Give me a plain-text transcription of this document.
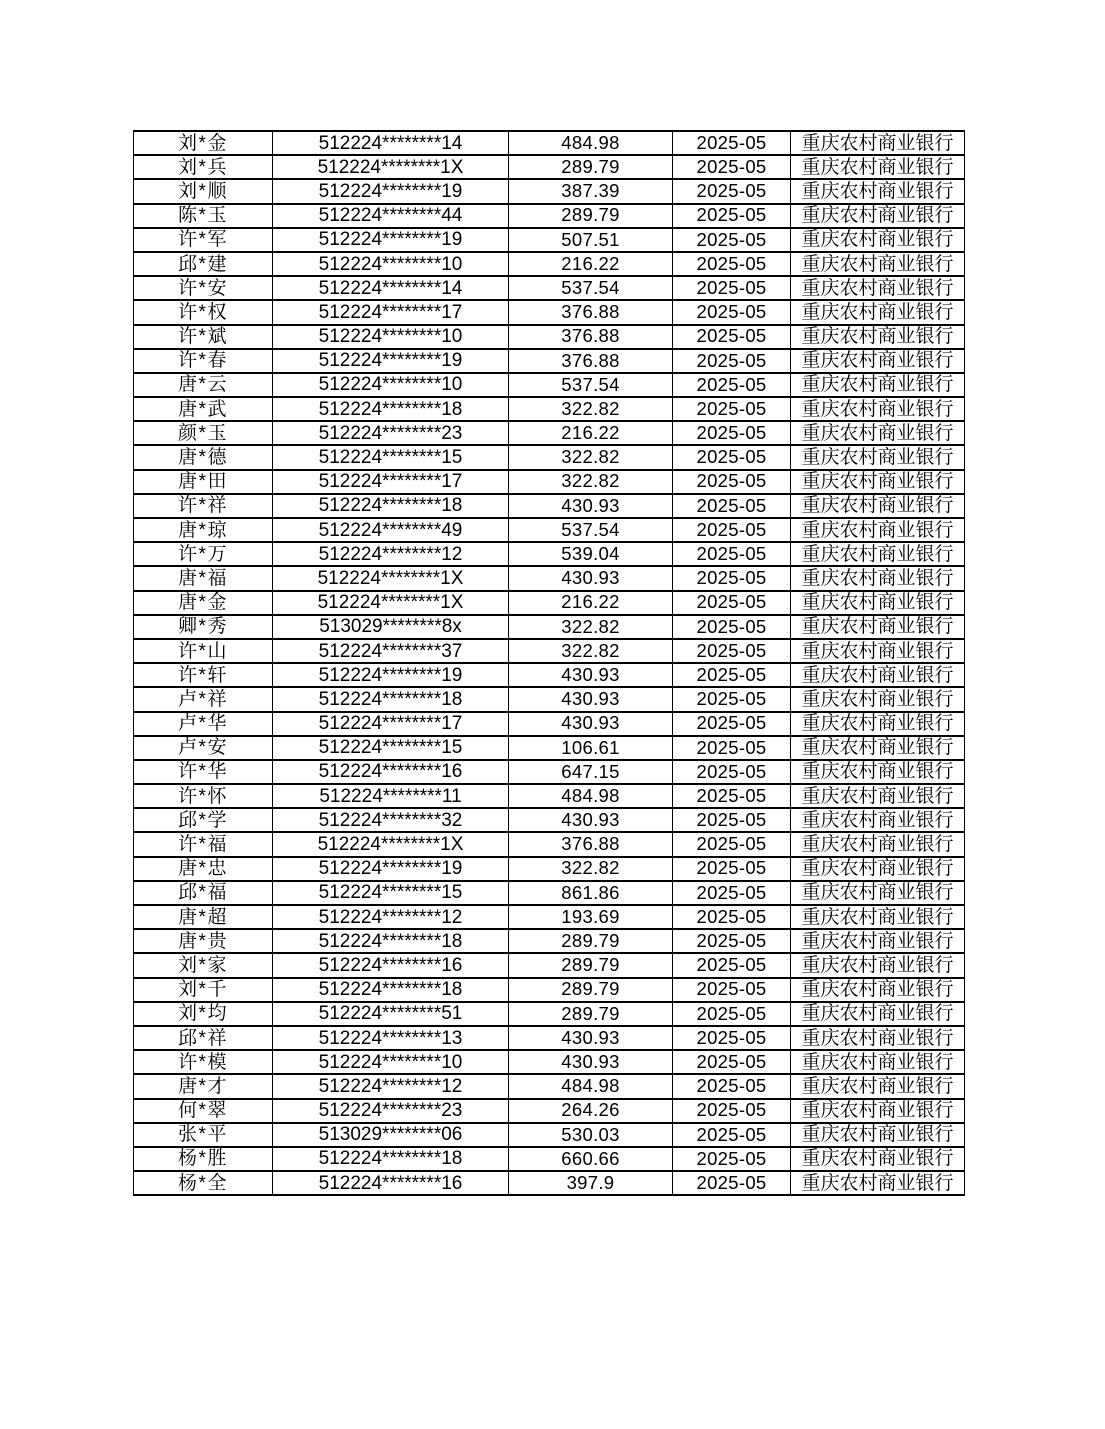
刘*金	512224********14	484.98	2025-05	重庆农村商业银行
刘*兵	512224********1X	289.79	2025-05	重庆农村商业银行
刘*顺	512224********19	387.39	2025-05	重庆农村商业银行
陈*玉	512224********44	289.79	2025-05	重庆农村商业银行
许*军	512224********19	507.51	2025-05	重庆农村商业银行
邱*建	512224********10	216.22	2025-05	重庆农村商业银行
许*安	512224********14	537.54	2025-05	重庆农村商业银行
许*权	512224********17	376.88	2025-05	重庆农村商业银行
许*斌	512224********10	376.88	2025-05	重庆农村商业银行
许*春	512224********19	376.88	2025-05	重庆农村商业银行
唐*云	512224********10	537.54	2025-05	重庆农村商业银行
唐*武	512224********18	322.82	2025-05	重庆农村商业银行
颜*玉	512224********23	216.22	2025-05	重庆农村商业银行
唐*德	512224********15	322.82	2025-05	重庆农村商业银行
唐*田	512224********17	322.82	2025-05	重庆农村商业银行
许*祥	512224********18	430.93	2025-05	重庆农村商业银行
唐*琼	512224********49	537.54	2025-05	重庆农村商业银行
许*万	512224********12	539.04	2025-05	重庆农村商业银行
唐*福	512224********1X	430.93	2025-05	重庆农村商业银行
唐*金	512224********1X	216.22	2025-05	重庆农村商业银行
卿*秀	513029********8x	322.82	2025-05	重庆农村商业银行
许*山	512224********37	322.82	2025-05	重庆农村商业银行
许*轩	512224********19	430.93	2025-05	重庆农村商业银行
卢*祥	512224********18	430.93	2025-05	重庆农村商业银行
卢*华	512224********17	430.93	2025-05	重庆农村商业银行
卢*安	512224********15	106.61	2025-05	重庆农村商业银行
许*华	512224********16	647.15	2025-05	重庆农村商业银行
许*怀	512224********11	484.98	2025-05	重庆农村商业银行
邱*学	512224********32	430.93	2025-05	重庆农村商业银行
许*福	512224********1X	376.88	2025-05	重庆农村商业银行
唐*忠	512224********19	322.82	2025-05	重庆农村商业银行
邱*福	512224********15	861.86	2025-05	重庆农村商业银行
唐*超	512224********12	193.69	2025-05	重庆农村商业银行
唐*贵	512224********18	289.79	2025-05	重庆农村商业银行
刘*家	512224********16	289.79	2025-05	重庆农村商业银行
刘*千	512224********18	289.79	2025-05	重庆农村商业银行
刘*均	512224********51	289.79	2025-05	重庆农村商业银行
邱*祥	512224********13	430.93	2025-05	重庆农村商业银行
许*模	512224********10	430.93	2025-05	重庆农村商业银行
唐*才	512224********12	484.98	2025-05	重庆农村商业银行
何*翠	512224********23	264.26	2025-05	重庆农村商业银行
张*平	513029********06	530.03	2025-05	重庆农村商业银行
杨*胜	512224********18	660.66	2025-05	重庆农村商业银行
杨*全	512224********16	397.9	2025-05	重庆农村商业银行
